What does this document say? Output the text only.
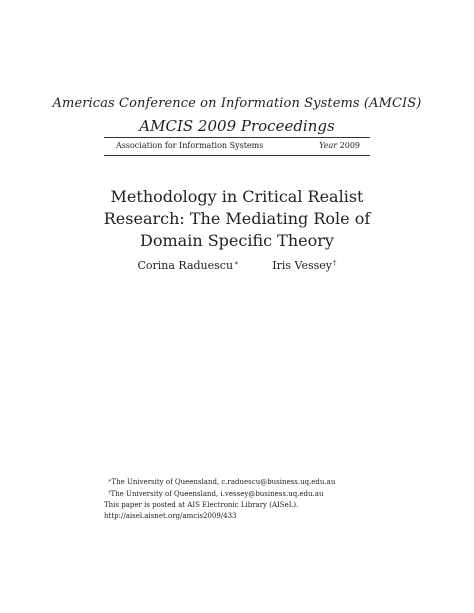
Americas Conference on Information Systems (AMCIS)
AMCIS 2009 Proceedings
Association for Information Systems	Year 2009
Methodology in Critical Realist
Research: The Mediating Role of
Domain Specific Theory
Corina Raduescu∗	Iris Vessey†
∗The University of Queensland, c.raduescu@business.uq.edu.au
†The University of Queensland, i.vessey@business.uq.edu.au
This paper is posted at AIS Electronic Library (AISeL).
http://aisel.aisnet.org/amcis2009/433
